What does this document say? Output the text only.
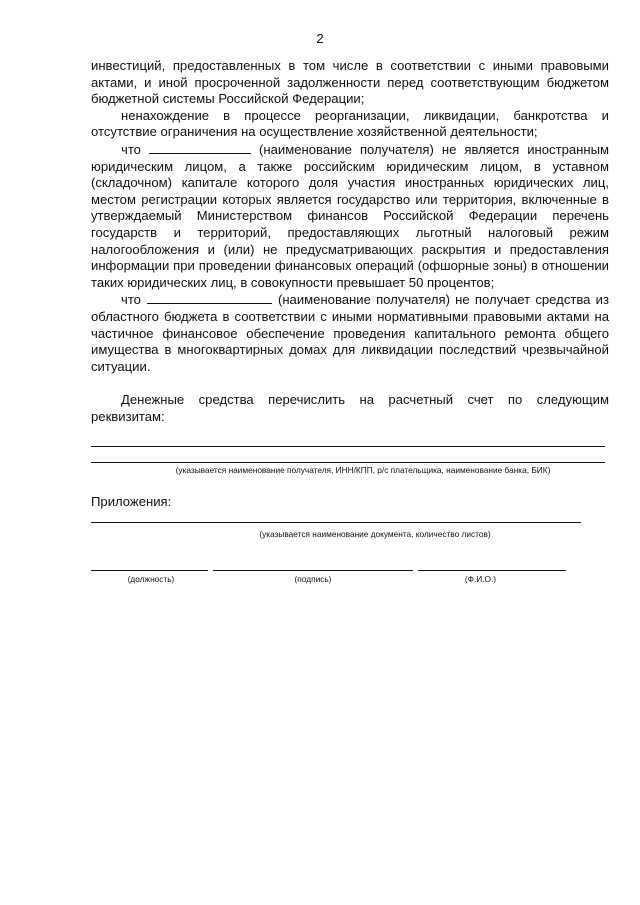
2

инвестиций, предоставленных в том числе в соответствии с иными правовыми актами, и иной просроченной задолженности перед соответствующим бюджетом бюджетной системы Российской Федерации;

ненахождение в процессе реорганизации, ликвидации, банкротства и отсутствие ограничения на осуществление хозяйственной деятельности;

что	(наименование получателя) не является иностранным юридическим лицом, а также российским юридическим лицом, в уставном (складочном) капитале которого доля участия иностранных юридических лиц, местом регистрации которых является государство или территория, включенные в утверждаемый Министерством финансов Российской Федерации перечень государств и территорий, предоставляющих льготный налоговый режим налогообложения и (или) не предусматривающих раскрытия и предоставления информации при проведении финансовых операций (офшорные зоны) в отношении таких юридических лиц, в совокупности превышает 50 процентов;

что	(наименование получателя) не получает средства из областного бюджета в соответствии с иными нормативными правовыми актами на частичное финансовое обеспечение проведения капитального ремонта общего имущества в многоквартирных домах для ликвидации последствий чрезвычайной ситуации.

Денежные средства перечислить на расчетный счет по следующим реквизитам:

(указывается наименование получателя, ИНН/КПП, р/с плательщика, наименование банка, БИК)
Приложения:
(указывается наименование документа, количество листов)
(должность)	(подпись)	(Ф.И.О.)
